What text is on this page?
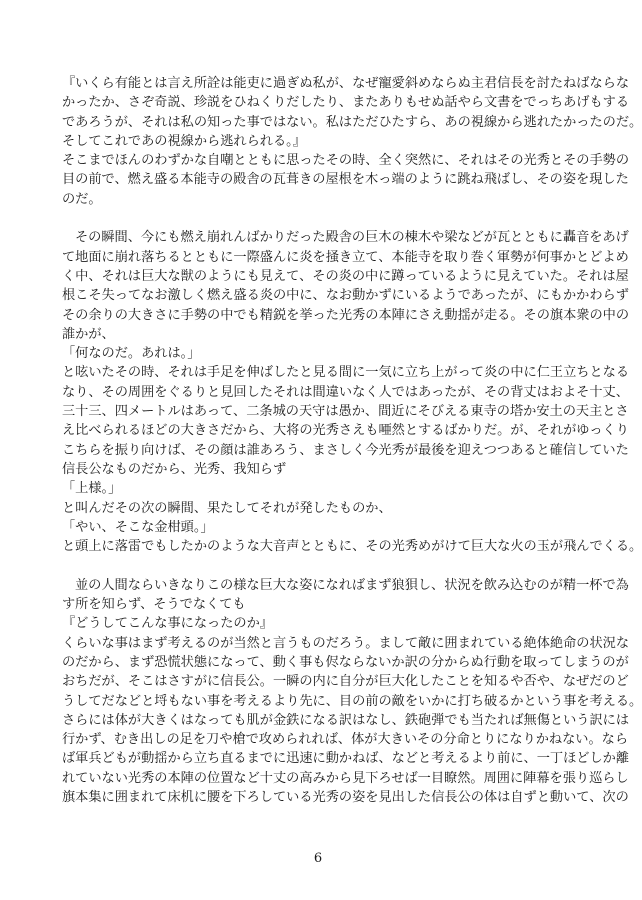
『いくら有能とは言え所詮は能吏に過ぎぬ私が、なぜ寵愛斜めならぬ主君信長を討たねばならな
かったか、さぞ奇説、珍説をひねくりだしたり、またありもせぬ話やら文書をでっちあげもする
であろうが、それは私の知った事ではない。私はただひたすら、あの視線から逃れたかったのだ。
そしてこれであの視線から逃れられる。』
そこまでほんのわずかな自嘲とともに思ったその時、全く突然に、それはその光秀とその手勢の
目の前で、燃え盛る本能寺の殿舎の瓦葺きの屋根を木っ端のように跳ね飛ばし、その姿を現した
のだ。
その瞬間、今にも燃え崩れんばかりだった殿舎の巨木の棟木や梁などが瓦とともに轟音をあげ
て地面に崩れ落ちるとともに一際盛んに炎を掻き立て、本能寺を取り巻く軍勢が何事かとどよめ
く中、それは巨大な獣のようにも見えて、その炎の中に蹲っているように見えていた。それは屋
根こそ失ってなお激しく燃え盛る炎の中に、なお動かずにいるようであったが、にもかかわらず
その余りの大きさに手勢の中でも精鋭を挙った光秀の本陣にさえ動揺が走る。その旗本衆の中の
誰かが、
「何なのだ。あれは。」
と呟いたその時、それは手足を伸ばしたと見る間に一気に立ち上がって炎の中に仁王立ちとなる
なり、その周囲をぐるりと見回したそれは間違いなく人ではあったが、その背丈はおよそ十丈、
三十三、四メートルはあって、二条城の天守は愚か、間近にそびえる東寺の塔か安土の天主とさ
え比べられるほどの大きさだから、大将の光秀さえも唖然とするばかりだ。が、それがゆっくり
こちらを振り向けば、その顔は誰あろう、まさしく今光秀が最後を迎えつつあると確信していた
信長公なものだから、光秀、我知らず
「上様。」
と叫んだその次の瞬間、果たしてそれが発したものか、
「やい、そこな金柑頭。」
と頭上に落雷でもしたかのような大音声とともに、その光秀めがけて巨大な火の玉が飛んでくる。
並の人間ならいきなりこの様な巨大な姿になればまず狼狽し、状況を飲み込むのが精一杯で為
す所を知らず、そうでなくても
『どうしてこんな事になったのか』
くらいな事はまず考えるのが当然と言うものだろう。まして敵に囲まれている絶体絶命の状況な
のだから、まず恐慌状態になって、動く事も侭ならないか訳の分からぬ行動を取ってしまうのが
おちだが、そこはさすがに信長公。一瞬の内に自分が巨大化したことを知るや否や、なぜだのど
うしてだなどと埒もない事を考えるより先に、目の前の敵をいかに打ち破るかという事を考える。
さらには体が大きくはなっても肌が金鉄になる訳はなし、鉄砲弾でも当たれば無傷という訳には
行かず、むき出しの足を刀や槍で攻められれば、体が大きいその分命とりになりかねない。なら
ば軍兵どもが動揺から立ち直るまでに迅速に動かねば、などと考えるより前に、一丁ほどしか離
れていない光秀の本陣の位置など十丈の高みから見下ろせば一目瞭然。周囲に陣幕を張り巡らし
旗本集に囲まれて床机に腰を下ろしている光秀の姿を見出した信長公の体は自ずと動いて、次の
6
